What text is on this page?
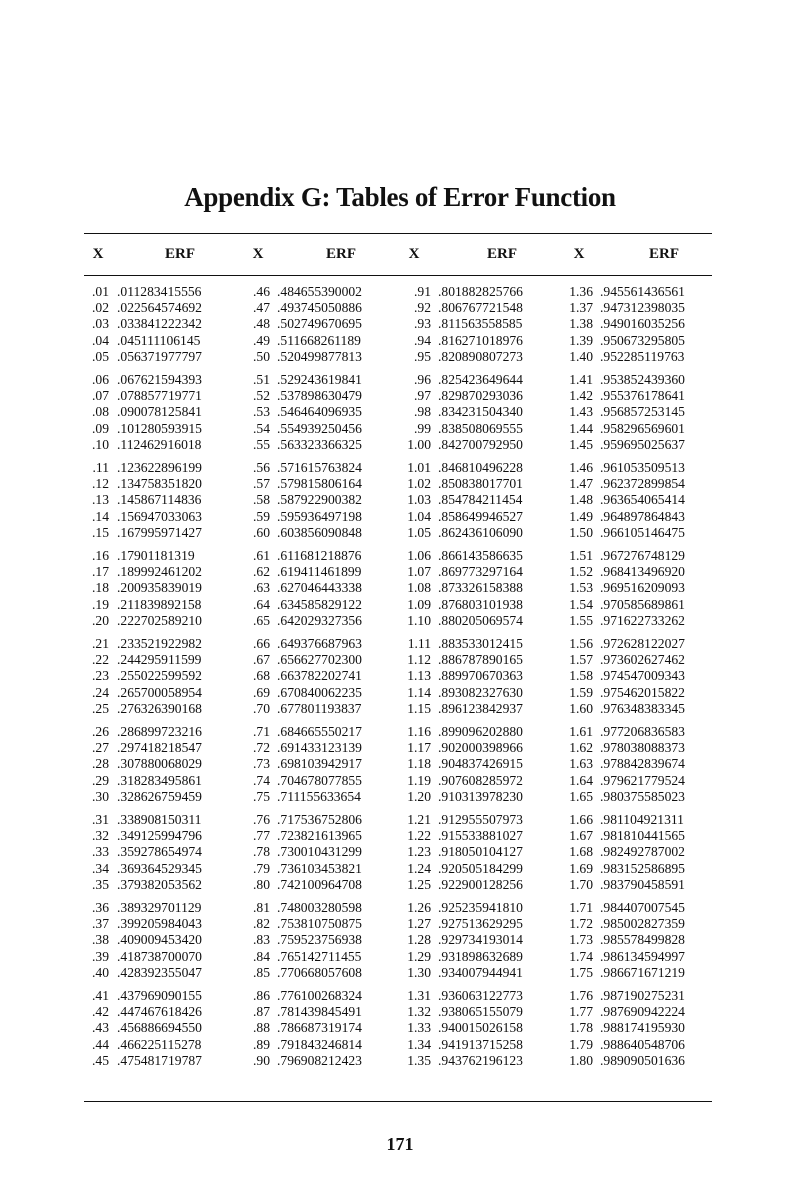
Appendix G: Tables of Error Function
X	ERF	X	ERF	X	ERF	X	ERF
.01 .011283415556	.46 .484655390002	.91 .801882825766	1.36 .945561436561
.02 .022564574692	.47 .493745050886	.92 .806767721548	1.37 .947312398035
.03 .033841222342	.48 .502749670695	.93 .811563558585	1.38 .949016035256
.04 .045111106145	.49 .511668261189	.94 .816271018976	1.39 .950673295805
.05 .056371977797	.50 .520499877813	.95 .820890807273	1.40 .952285119763
.06 .067621594393	.51 .529243619841	.96 .825423649644	1.41 .953852439360
.07 .078857719771	.52 .537898630479	.97 .829870293036	1.42 .955376178641
.08 .090078125841	.53 .546464096935	.98 .834231504340	1.43 .956857253145
.09 .101280593915	.54 .554939250456	.99 .838508069555	1.44 .958296569601
.10 .112462916018	.55 .563323366325	1.00 .842700792950	1.45 .959695025637
.11 .123622896199	.56 .571615763824	1.01 .846810496228	1.46 .961053509513
.12 .134758351820	.57 .579815806164	1.02 .850838017701	1.47 .962372899854
.13 .145867114836	.58 .587922900382	1.03 .854784211454	1.48 .963654065414
.14 .156947033063	.59 .595936497198	1.04 .858649946527	1.49 .964897864843
.15 .167995971427	.60 .603856090848	1.05 .862436106090	1.50 .966105146475
.16 .17901181319	.61 .611681218876	1.06 .866143586635	1.51 .967276748129
.17 .189992461202	.62 .619411461899	1.07 .869773297164	1.52 .968413496920
.18 .200935839019	.63 .627046443338	1.08 .873326158388	1.53 .969516209093
.19 .211839892158	.64 .634585829122	1.09 .876803101938	1.54 .970585689861
.20 .222702589210	.65 .642029327356	1.10 .880205069574	1.55 .971622733262
.21 .233521922982	.66 .649376687963	1.11 .883533012415	1.56 .972628122027
.22 .244295911599	.67 .656627702300	1.12 .886787890165	1.57 .973602627462
.23 .255022599592	.68 .663782202741	1.13 .889970670363	1.58 .974547009343
.24 .265700058954	.69 .670840062235	1.14 .893082327630	1.59 .975462015822
.25 .276326390168	.70 .677801193837	1.15 .896123842937	1.60 .976348383345
.26 .286899723216	.71 .684665550217	1.16 .899096202880	1.61 .977206836583
.27 .297418218547	.72 .691433123139	1.17 .902000398966	1.62 .978038088373
.28 .307880068029	.73 .698103942917	1.18 .904837426915	1.63 .978842839674
.29 .318283495861	.74 .704678077855	1.19 .907608285972	1.64 .979621779524
.30 .328626759459	.75 .711155633654	1.20 .910313978230	1.65 .980375585023
.31 .338908150311	.76 .717536752806	1.21 .912955507973	1.66 .981104921311
.32 .349125994796	.77 .723821613965	1.22 .915533881027	1.67 .981810441565
.33 .359278654974	.78 .730010431299	1.23 .918050104127	1.68 .982492787002
.34 .369364529345	.79 .736103453821	1.24 .920505184299	1.69 .983152586895
.35 .379382053562	.80 .742100964708	1.25 .922900128256	1.70 .983790458591
.36 .389329701129	.81 .748003280598	1.26 .925235941810	1.71 .984407007545
.37 .399205984043	.82 .753810750875	1.27 .927513629295	1.72 .985002827359
.38 .409009453420	.83 .759523756938	1.28 .929734193014	1.73 .985578499828
.39 .418738700070	.84 .765142711455	1.29 .931898632689	1.74 .986134594997
.40 .428392355047	.85 .770668057608	1.30 .934007944941	1.75 .986671671219
.41 .437969090155	.86 .776100268324	1.31 .936063122773	1.76 .987190275231
.42 .447467618426	.87 .781439845491	1.32 .938065155079	1.77 .987690942224
.43 .456886694550	.88 .786687319174	1.33 .940015026158	1.78 .988174195930
.44 .466225115278	.89 .791843246814	1.34 .941913715258	1.79 .988640548706
.45 .475481719787	.90 .796908212423	1.35 .943762196123	1.80 .989090501636
171
